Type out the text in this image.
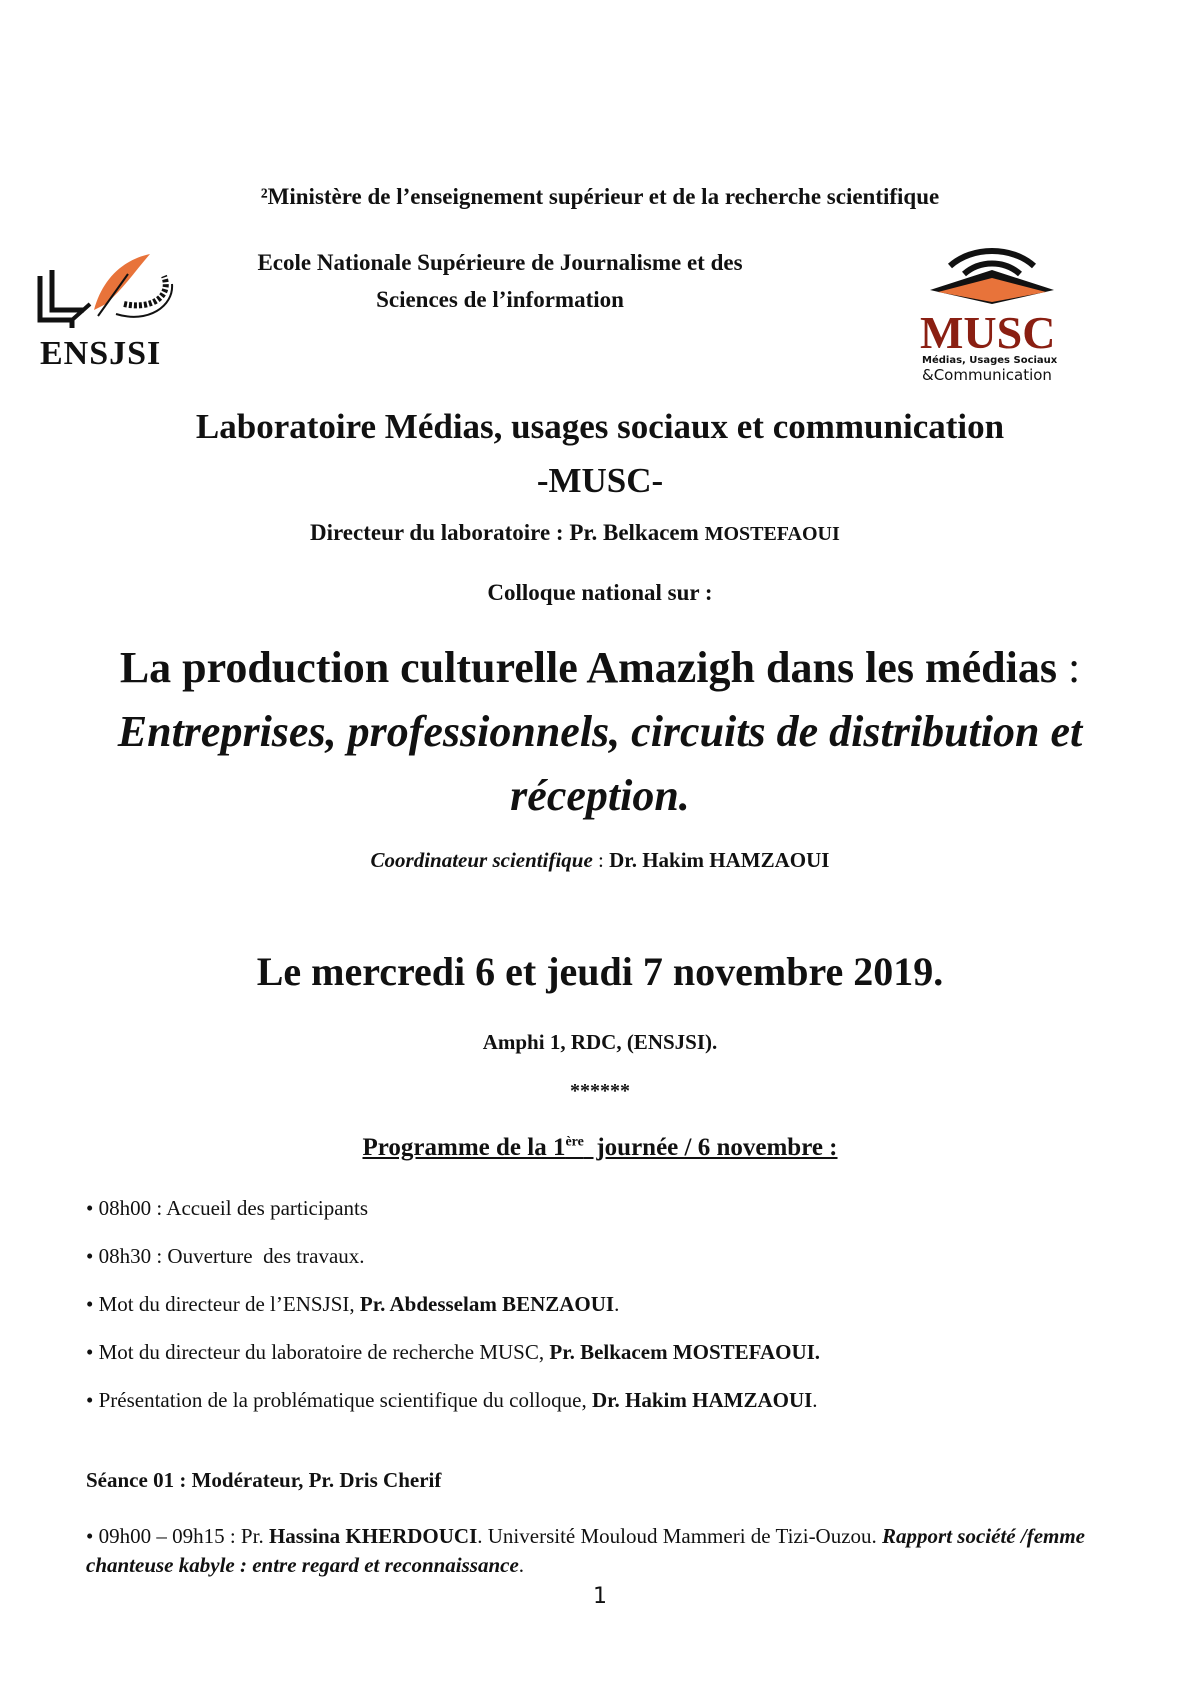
²Ministère de l’enseignement supérieur et de la recherche scientifique
Ecole Nationale Supérieure de Journalisme et des
Sciences de l’information
ENSJSI	MUSC
Médias, Usages Sociaux
&Communication
Laboratoire Médias, usages sociaux et communication
-MUSC-
Directeur du laboratoire : Pr. Belkacem MOSTEFAOUI
Colloque national sur :
La production culturelle Amazigh dans les médias : Entreprises, professionnels, circuits de distribution et réception.
Coordinateur scientifique : Dr. Hakim HAMZAOUI
Le mercredi 6 et jeudi 7 novembre 2019.
Amphi 1, RDC, (ENSJSI).
******
Programme de la 1ère  journée / 6 novembre :
• 08h00 : Accueil des participants
• 08h30 : Ouverture  des travaux.
• Mot du directeur de l’ENSJSI, Pr. Abdesselam BENZAOUI.
• Mot du directeur du laboratoire de recherche MUSC, Pr. Belkacem MOSTEFAOUI.
• Présentation de la problématique scientifique du colloque, Dr. Hakim HAMZAOUI.
Séance 01 : Modérateur, Pr. Dris Cherif
• 09h00 – 09h15 : Pr. Hassina KHERDOUCI. Université Mouloud Mammeri de Tizi-Ouzou. Rapport société /femme chanteuse kabyle : entre regard et reconnaissance.
1
